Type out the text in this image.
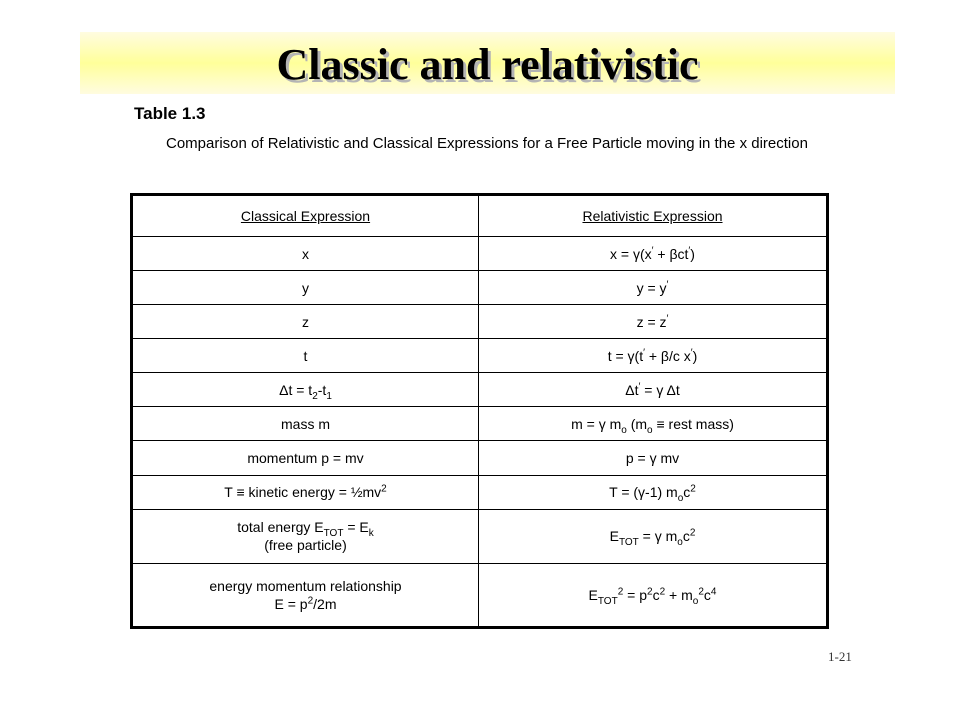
Classic and relativistic
Table 1.3
Comparison of Relativistic and Classical Expressions for a Free Particle moving in the x direction
Classical Expression	Relativistic Expression
x	x = γ(x′ + βct′)
y	y = y′
z	z = z′
t	t = γ(t′ + β/c x′)
$\Delta t = t_2-t_1$	Δt′ = γ Δt
mass m	m = γ $m_o$ ($m_o$ ≡ rest mass)
momentum p = mv	p = γ mv
T ≡ kinetic energy = $\frac{1}{2}mv^2$	T = (γ-1) $m_oc^2$
total energy $E_{TOT} = E_k$
(free particle)	$E_{TOT} = \gamma$ $m_oc^2$
energy momentum relationship
$E = p^2/2m$	$E_{TOT}^2 = p^2c^2 + m_o^2c^4$
1-21
